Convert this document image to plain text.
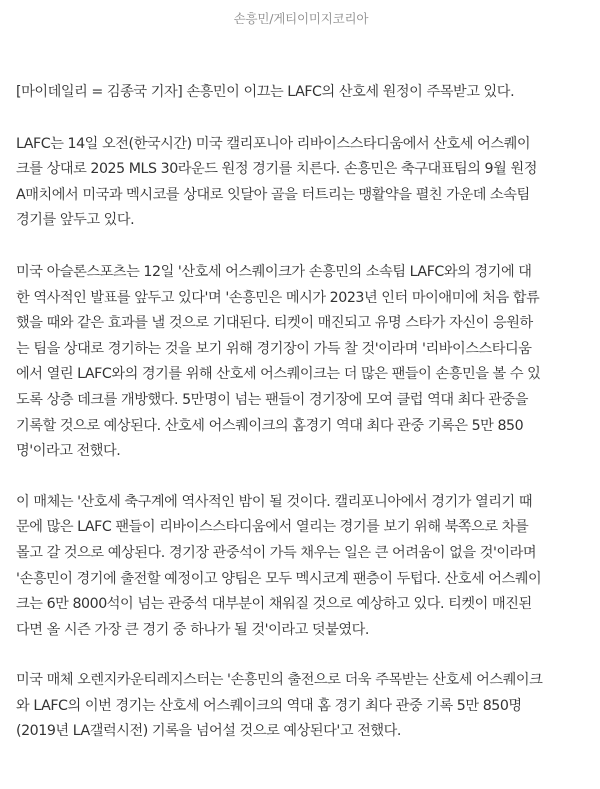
손흥민/게티이미지코리아

[마이데일리 = 김종국 기자] 손흥민이 이끄는 LAFC의 산호세 원정이 주목받고 있다.

LAFC는 14일 오전(한국시간) 미국 캘리포니아 리바이스스타디움에서 산호세 어스퀘이
크를 상대로 2025 MLS 30라운드 원정 경기를 치른다. 손흥민은 축구대표팀의 9월 원정
A매치에서 미국과 멕시코를 상대로 잇달아 골을 터트리는 맹활약을 펼친 가운데 소속팀
경기를 앞두고 있다.

미국 아슬론스포츠는 12일 '산호세 어스퀘이크가 손흥민의 소속팀 LAFC와의 경기에 대
한 역사적인 발표를 앞두고 있다'며 '손흥민은 메시가 2023년 인터 마이애미에 처음 합류
했을 때와 같은 효과를 낼 것으로 기대된다. 티켓이 매진되고 유명 스타가 자신이 응원하
는 팀을 상대로 경기하는 것을 보기 위해 경기장이 가득 찰 것'이라며 '리바이스스타디움
에서 열린 LAFC와의 경기를 위해 산호세 어스퀘이크는 더 많은 팬들이 손흥민을 볼 수 있
도록 상층 데크를 개방했다. 5만명이 넘는 팬들이 경기장에 모여 클럽 역대 최다 관중을
기록할 것으로 예상된다. 산호세 어스퀘이크의 홈경기 역대 최다 관중 기록은 5만 850
명'이라고 전했다.

이 매체는 '산호세 축구계에 역사적인 밤이 될 것이다. 캘리포니아에서 경기가 열리기 때
문에 많은 LAFC 팬들이 리바이스스타디움에서 열리는 경기를 보기 위해 북쪽으로 차를
몰고 갈 것으로 예상된다. 경기장 관중석이 가득 채우는 일은 큰 어려움이 없을 것'이라며
'손흥민이 경기에 출전할 예정이고 양팀은 모두 멕시코계 팬층이 두텁다. 산호세 어스퀘이
크는 6만 8000석이 넘는 관중석 대부분이 채워질 것으로 예상하고 있다. 티켓이 매진된
다면 올 시즌 가장 큰 경기 중 하나가 될 것'이라고 덧붙였다.

미국 매체 오렌지카운티레지스터는 '손흥민의 출전으로 더욱 주목받는 산호세 어스퀘이크
와 LAFC의 이번 경기는 산호세 어스퀘이크의 역대 홈 경기 최다 관중 기록 5만 850명
(2019년 LA갤럭시전) 기록을 넘어설 것으로 예상된다'고 전했다.
